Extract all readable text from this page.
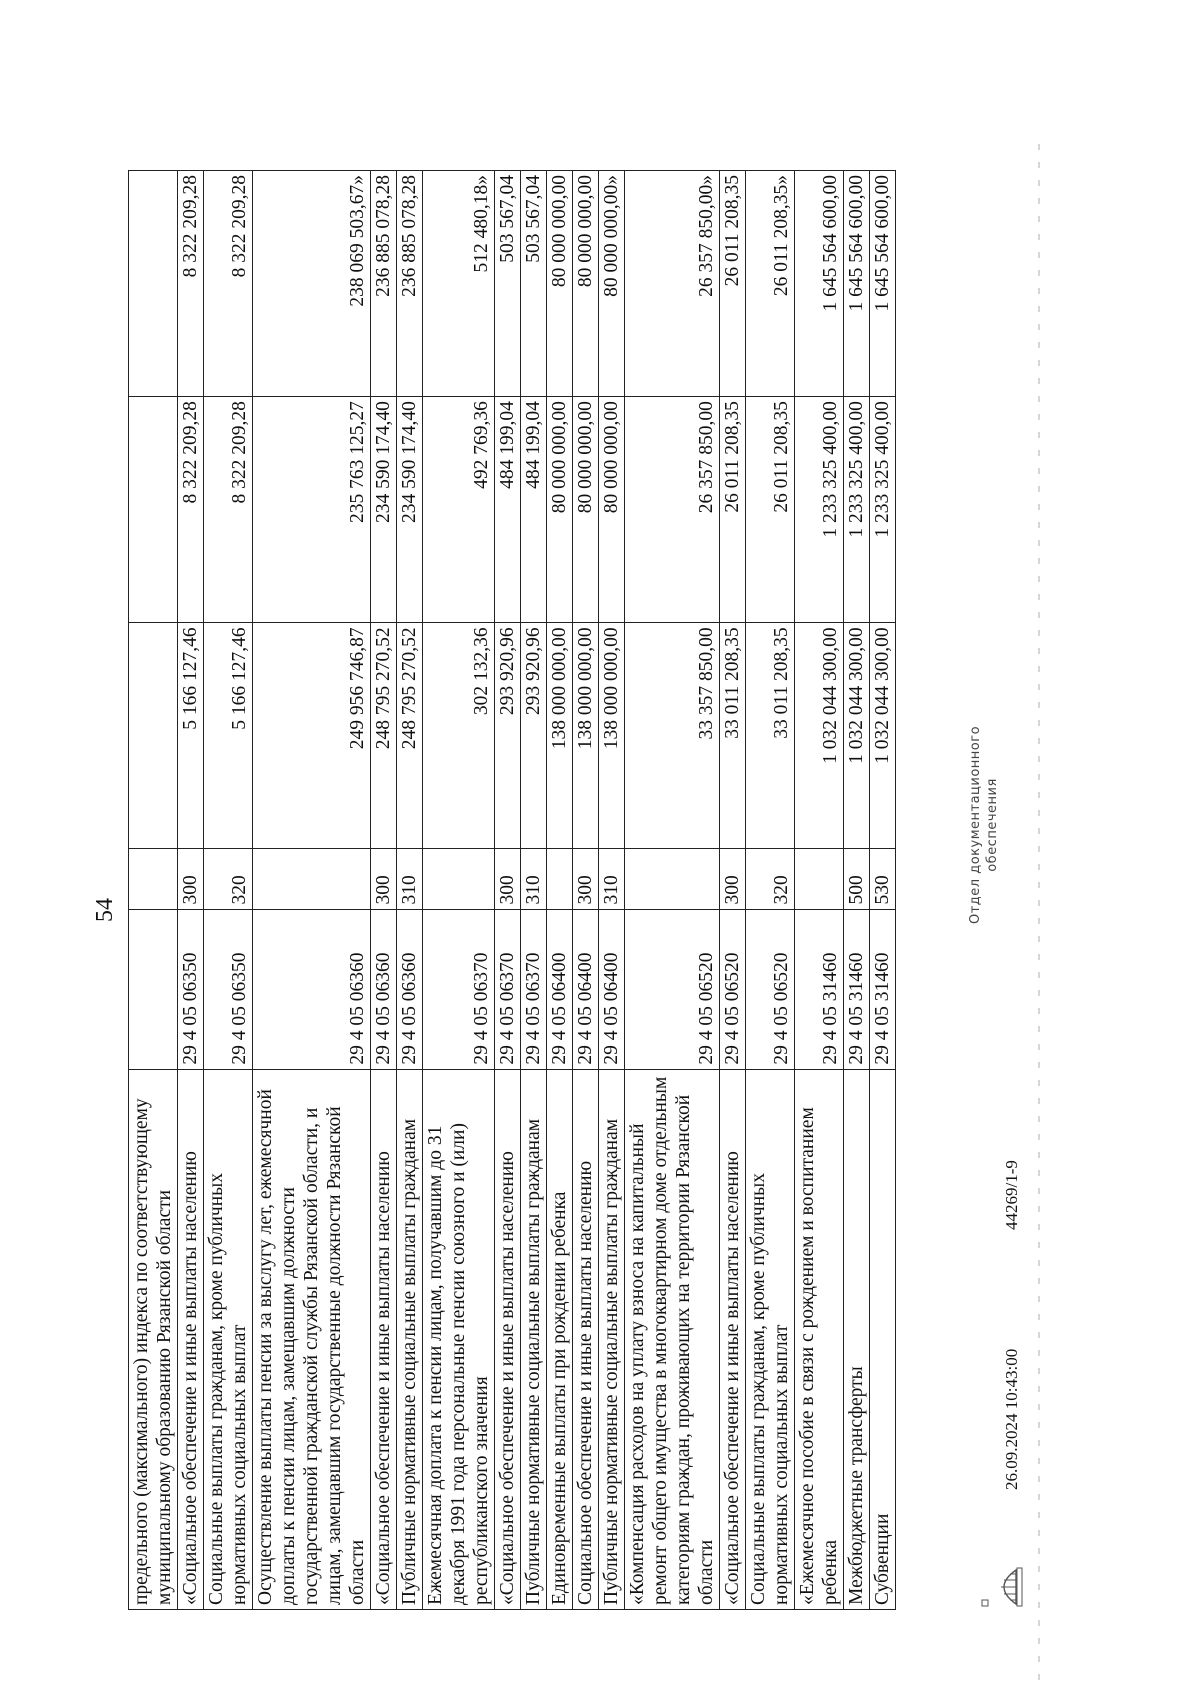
54
предельного (максимального) индекса по соответствующему муниципальному образованию Рязанской области					
«Социальное обеспечение и иные выплаты населению	29 4 05 06350	300	5 166 127,46	8 322 209,28	8 322 209,28
Социальные выплаты гражданам, кроме публичных нормативных социальных выплат	29 4 05 06350	320	5 166 127,46	8 322 209,28	8 322 209,28
Осуществление выплаты пенсии за выслугу лет, ежемесячной доплаты к пенсии лицам, замещавшим должности государственной гражданской службы Рязанской области, и лицам, замещавшим государственные должности Рязанской области	29 4 05 06360		249 956 746,87	235 763 125,27	238 069 503,67»
«Социальное обеспечение и иные выплаты населению	29 4 05 06360	300	248 795 270,52	234 590 174,40	236 885 078,28
Публичные нормативные социальные выплаты гражданам	29 4 05 06360	310	248 795 270,52	234 590 174,40	236 885 078,28
Ежемесячная доплата к пенсии лицам, получавшим до 31 декабря 1991 года персональные пенсии союзного и (или) республиканского значения	29 4 05 06370		302 132,36	492 769,36	512 480,18»
«Социальное обеспечение и иные выплаты населению	29 4 05 06370	300	293 920,96	484 199,04	503 567,04
Публичные нормативные социальные выплаты гражданам	29 4 05 06370	310	293 920,96	484 199,04	503 567,04
Единовременные выплаты при рождении ребенка	29 4 05 06400		138 000 000,00	80 000 000,00	80 000 000,00
Социальное обеспечение и иные выплаты населению	29 4 05 06400	300	138 000 000,00	80 000 000,00	80 000 000,00
Публичные нормативные социальные выплаты гражданам	29 4 05 06400	310	138 000 000,00	80 000 000,00	80 000 000,00»
«Компенсация расходов на уплату взноса на капитальный ремонт общего имущества в многоквартирном доме отдельным категориям граждан, проживающих на территории Рязанской области	29 4 05 06520		33 357 850,00	26 357 850,00	26 357 850,00»
«Социальное обеспечение и иные выплаты населению	29 4 05 06520	300	33 011 208,35	26 011 208,35	26 011 208,35
Социальные выплаты гражданам, кроме публичных нормативных социальных выплат	29 4 05 06520	320	33 011 208,35	26 011 208,35	26 011 208,35»
«Ежемесячное пособие в связи с рождением и воспитанием ребенка	29 4 05 31460		1 032 044 300,00	1 233 325 400,00	1 645 564 600,00
Межбюджетные трансферты	29 4 05 31460	500	1 032 044 300,00	1 233 325 400,00	1 645 564 600,00
Субвенции	29 4 05 31460	530	1 032 044 300,00	1 233 325 400,00	1 645 564 600,00
26.09.2024 10:43:00
44269/1-9
Отдел документационного обеспечения
